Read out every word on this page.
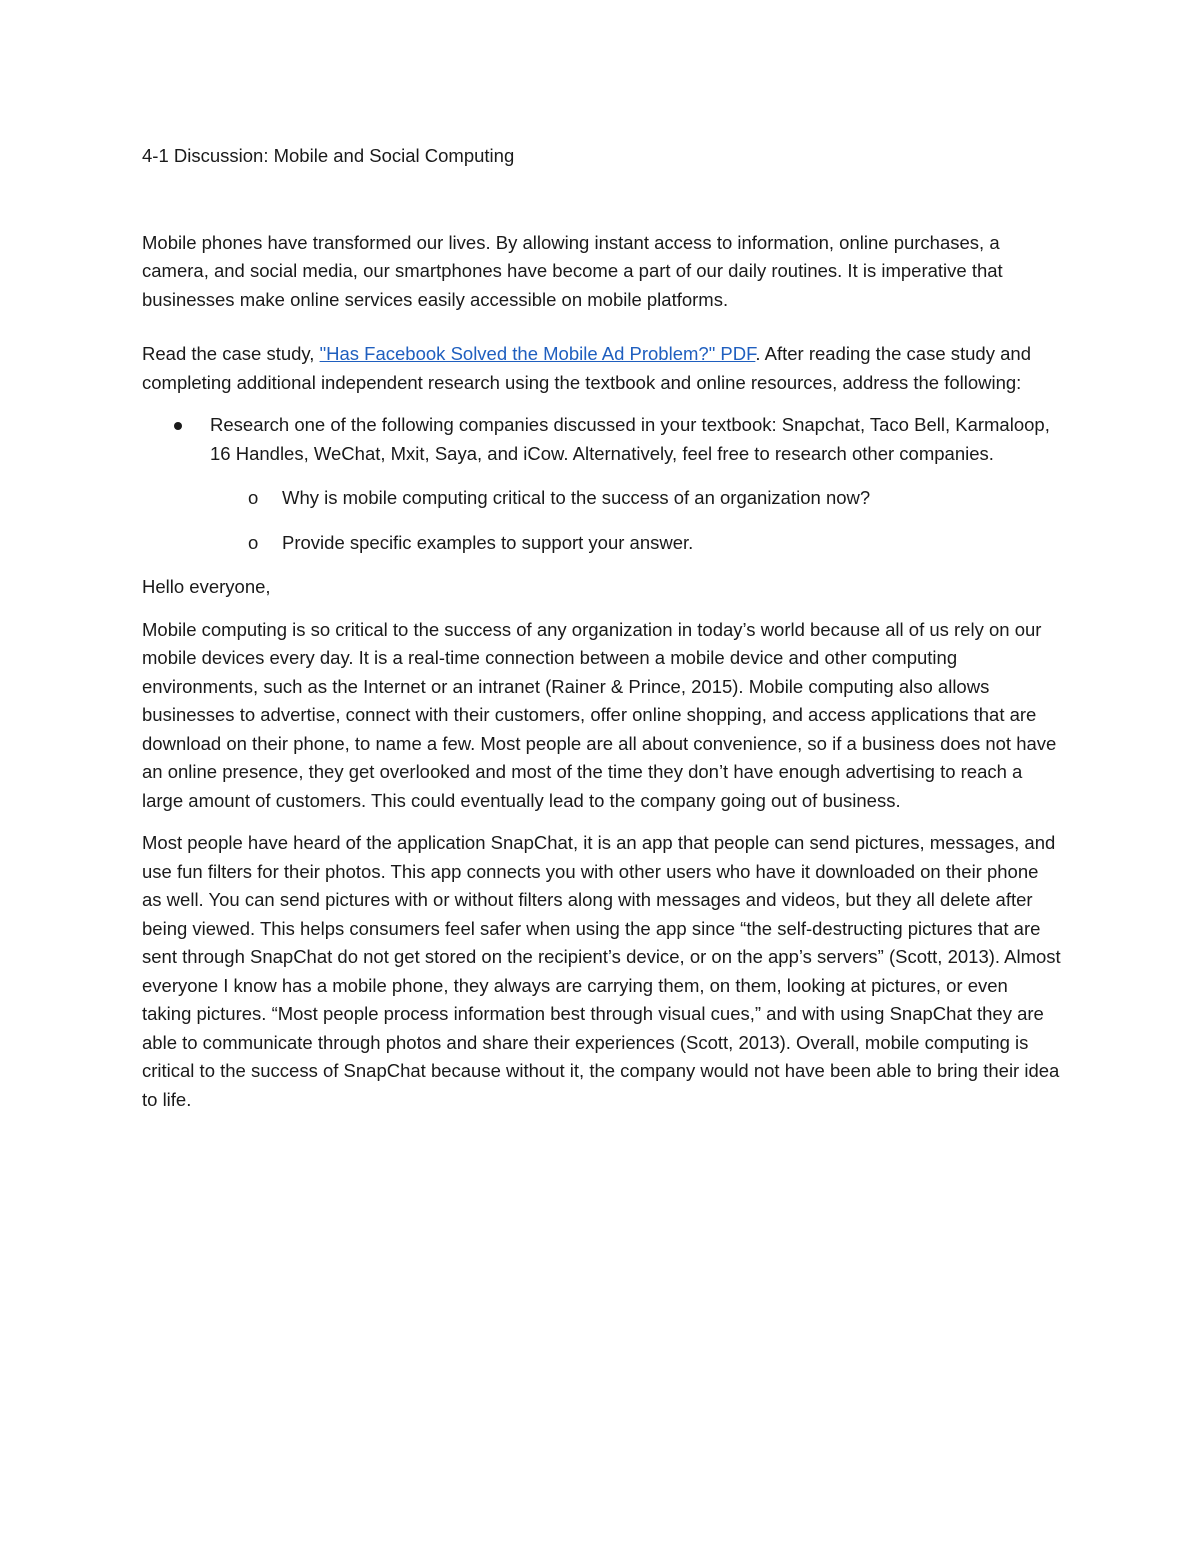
4-1 Discussion: Mobile and Social Computing

Mobile phones have transformed our lives. By allowing instant access to information, online purchases, a camera, and social media, our smartphones have become a part of our daily routines. It is imperative that businesses make online services easily accessible on mobile platforms.

Read the case study, "Has Facebook Solved the Mobile Ad Problem?" PDF. After reading the case study and completing additional independent research using the textbook and online resources, address the following:

Research one of the following companies discussed in your textbook: Snapchat, Taco Bell, Karmaloop, 16 Handles, WeChat, Mxit, Saya, and iCow. Alternatively, feel free to research other companies.
o Why is mobile computing critical to the success of an organization now?
o Provide specific examples to support your answer.

Hello everyone,

Mobile computing is so critical to the success of any organization in today’s world because all of us rely on our mobile devices every day. It is a real-time connection between a mobile device and other computing environments, such as the Internet or an intranet (Rainer & Prince, 2015). Mobile computing also allows businesses to advertise, connect with their customers, offer online shopping, and access applications that are download on their phone, to name a few. Most people are all about convenience, so if a business does not have an online presence, they get overlooked and most of the time they don’t have enough advertising to reach a large amount of customers. This could eventually lead to the company going out of business.

Most people have heard of the application SnapChat, it is an app that people can send pictures, messages, and use fun filters for their photos. This app connects you with other users who have it downloaded on their phone as well. You can send pictures with or without filters along with messages and videos, but they all delete after being viewed. This helps consumers feel safer when using the app since “the self-destructing pictures that are sent through SnapChat do not get stored on the recipient’s device, or on the app’s servers” (Scott, 2013). Almost everyone I know has a mobile phone, they always are carrying them, on them, looking at pictures, or even taking pictures. “Most people process information best through visual cues,” and with using SnapChat they are able to communicate through photos and share their experiences (Scott, 2013). Overall, mobile computing is critical to the success of SnapChat because without it, the company would not have been able to bring their idea to life.
